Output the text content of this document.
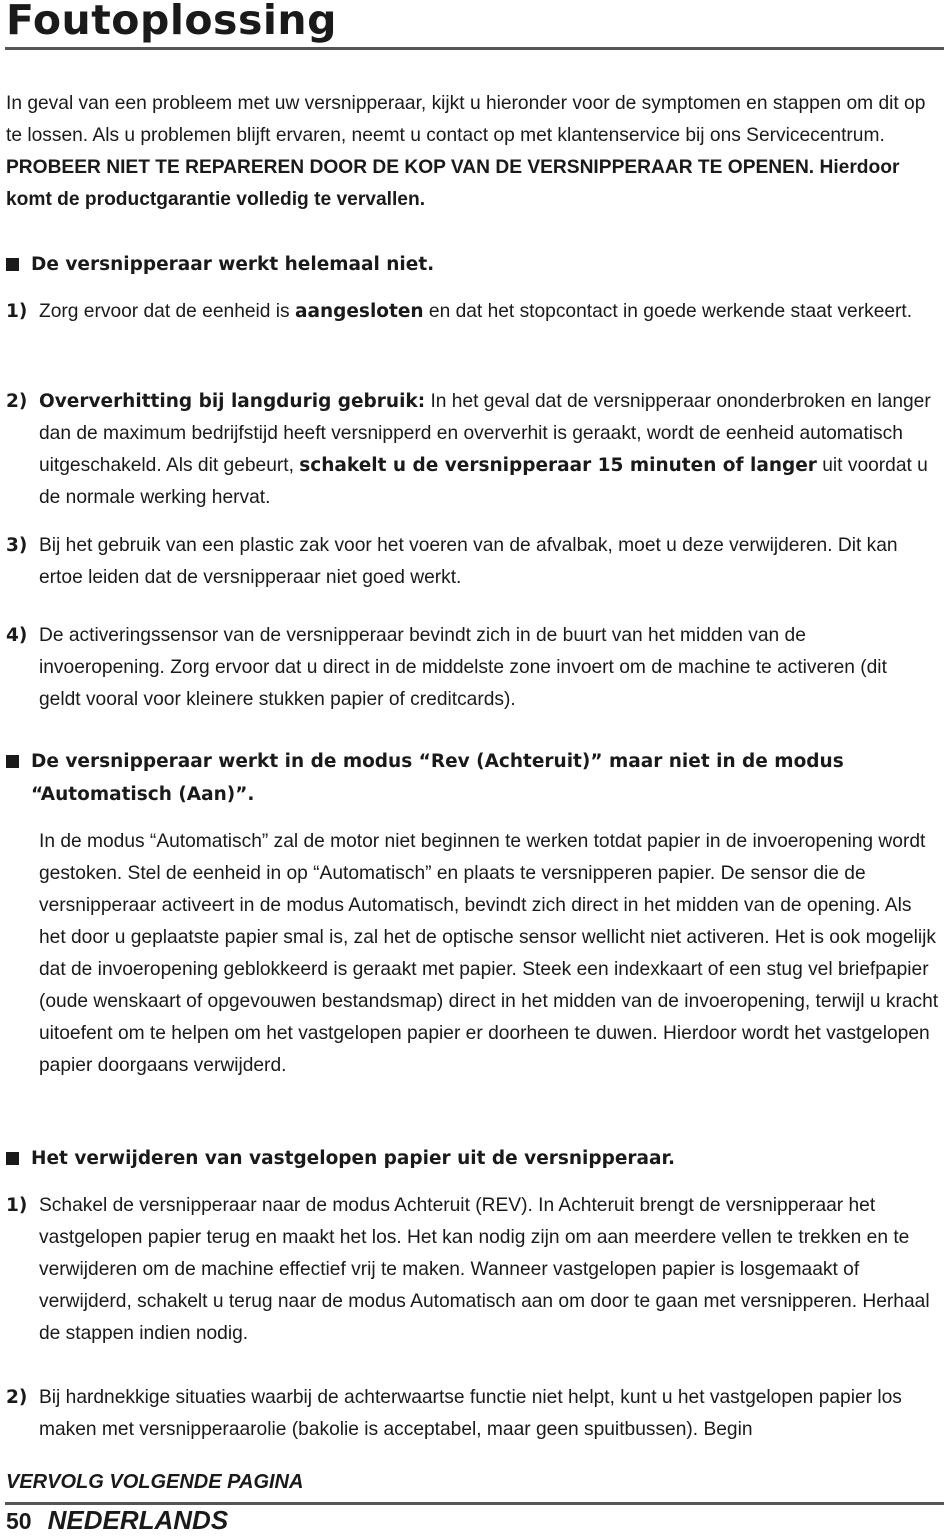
Foutoplossing

In geval van een probleem met uw versnipperaar, kijkt u hieronder voor de symptomen en stappen om dit op te lossen. Als u problemen blijft ervaren, neemt u contact op met klantenservice bij ons Servicecentrum. PROBEER NIET TE REPAREREN DOOR DE KOP VAN DE VERSNIPPERAAR TE OPENEN. Hierdoor komt de productgarantie volledig te vervallen.

De versnipperaar werkt helemaal niet.
1) Zorg ervoor dat de eenheid is aangesloten en dat het stopcontact in goede werkende staat verkeert.
2) Oververhitting bij langdurig gebruik: In het geval dat de versnipperaar ononderbroken en langer dan de maximum bedrijfstijd heeft versnipperd en oververhit is geraakt, wordt de eenheid automatisch uitgeschakeld. Als dit gebeurt, schakelt u de versnipperaar 15 minuten of langer uit voordat u de normale werking hervat.
3) Bij het gebruik van een plastic zak voor het voeren van de afvalbak, moet u deze verwijderen. Dit kan ertoe leiden dat de versnipperaar niet goed werkt.
4) De activeringssensor van de versnipperaar bevindt zich in de buurt van het midden van de invoeropening. Zorg ervoor dat u direct in de middelste zone invoert om de machine te activeren (dit geldt vooral voor kleinere stukken papier of creditcards).
De versnipperaar werkt in de modus “Rev (Achteruit)” maar niet in de modus “Automatisch (Aan)”.

In de modus “Automatisch” zal de motor niet beginnen te werken totdat papier in de invoeropening wordt gestoken. Stel de eenheid in op “Automatisch” en plaats te versnipperen papier. De sensor die de versnipperaar activeert in de modus Automatisch, bevindt zich direct in het midden van de opening. Als het door u geplaatste papier smal is, zal het de optische sensor wellicht niet activeren. Het is ook mogelijk dat de invoeropening geblokkeerd is geraakt met papier. Steek een indexkaart of een stug vel briefpapier (oude wenskaart of opgevouwen bestandsmap) direct in het midden van de invoeropening, terwijl u kracht uitoefent om te helpen om het vastgelopen papier er doorheen te duwen. Hierdoor wordt het vastgelopen papier doorgaans verwijderd.

Het verwijderen van vastgelopen papier uit de versnipperaar.
1) Schakel de versnipperaar naar de modus Achteruit (REV). In Achteruit brengt de versnipperaar het vastgelopen papier terug en maakt het los. Het kan nodig zijn om aan meerdere vellen te trekken en te verwijderen om de machine effectief vrij te maken. Wanneer vastgelopen papier is losgemaakt of verwijderd, schakelt u terug naar de modus Automatisch aan om door te gaan met versnipperen. Herhaal de stappen indien nodig.
2) Bij hardnekkige situaties waarbij de achterwaartse functie niet helpt, kunt u het vastgelopen papier los maken met versnipperaarolie (bakolie is acceptabel, maar geen spuitbussen). Begin

VERVOLG VOLGENDE PAGINA

50 NEDERLANDS
